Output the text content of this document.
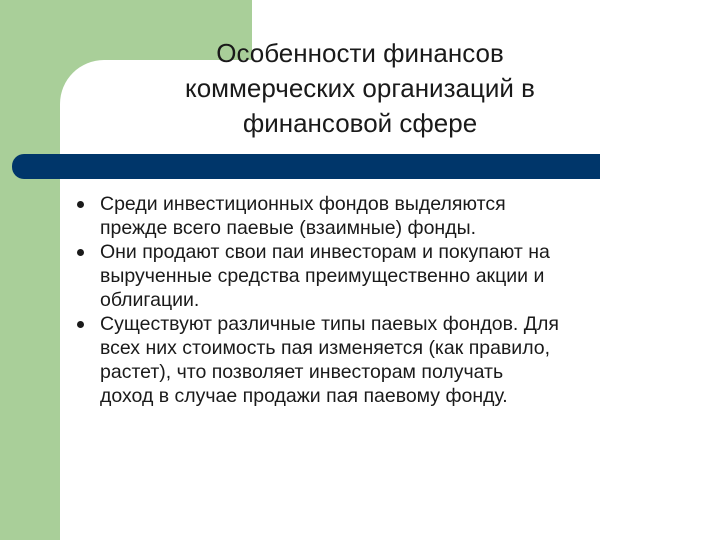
Особенности финансов
коммерческих организаций в
финансовой сфере
Среди инвестиционных фондов выделяются
прежде всего паевые (взаимные) фонды.
Они продают свои паи инвесторам и покупают на
вырученные средства преимущественно акции и
облигации.
Существуют различные типы паевых фондов. Для
всех них стоимость пая изменяется (как правило,
растет), что позволяет инвесторам получать
доход в случае продажи пая паевому фонду.
